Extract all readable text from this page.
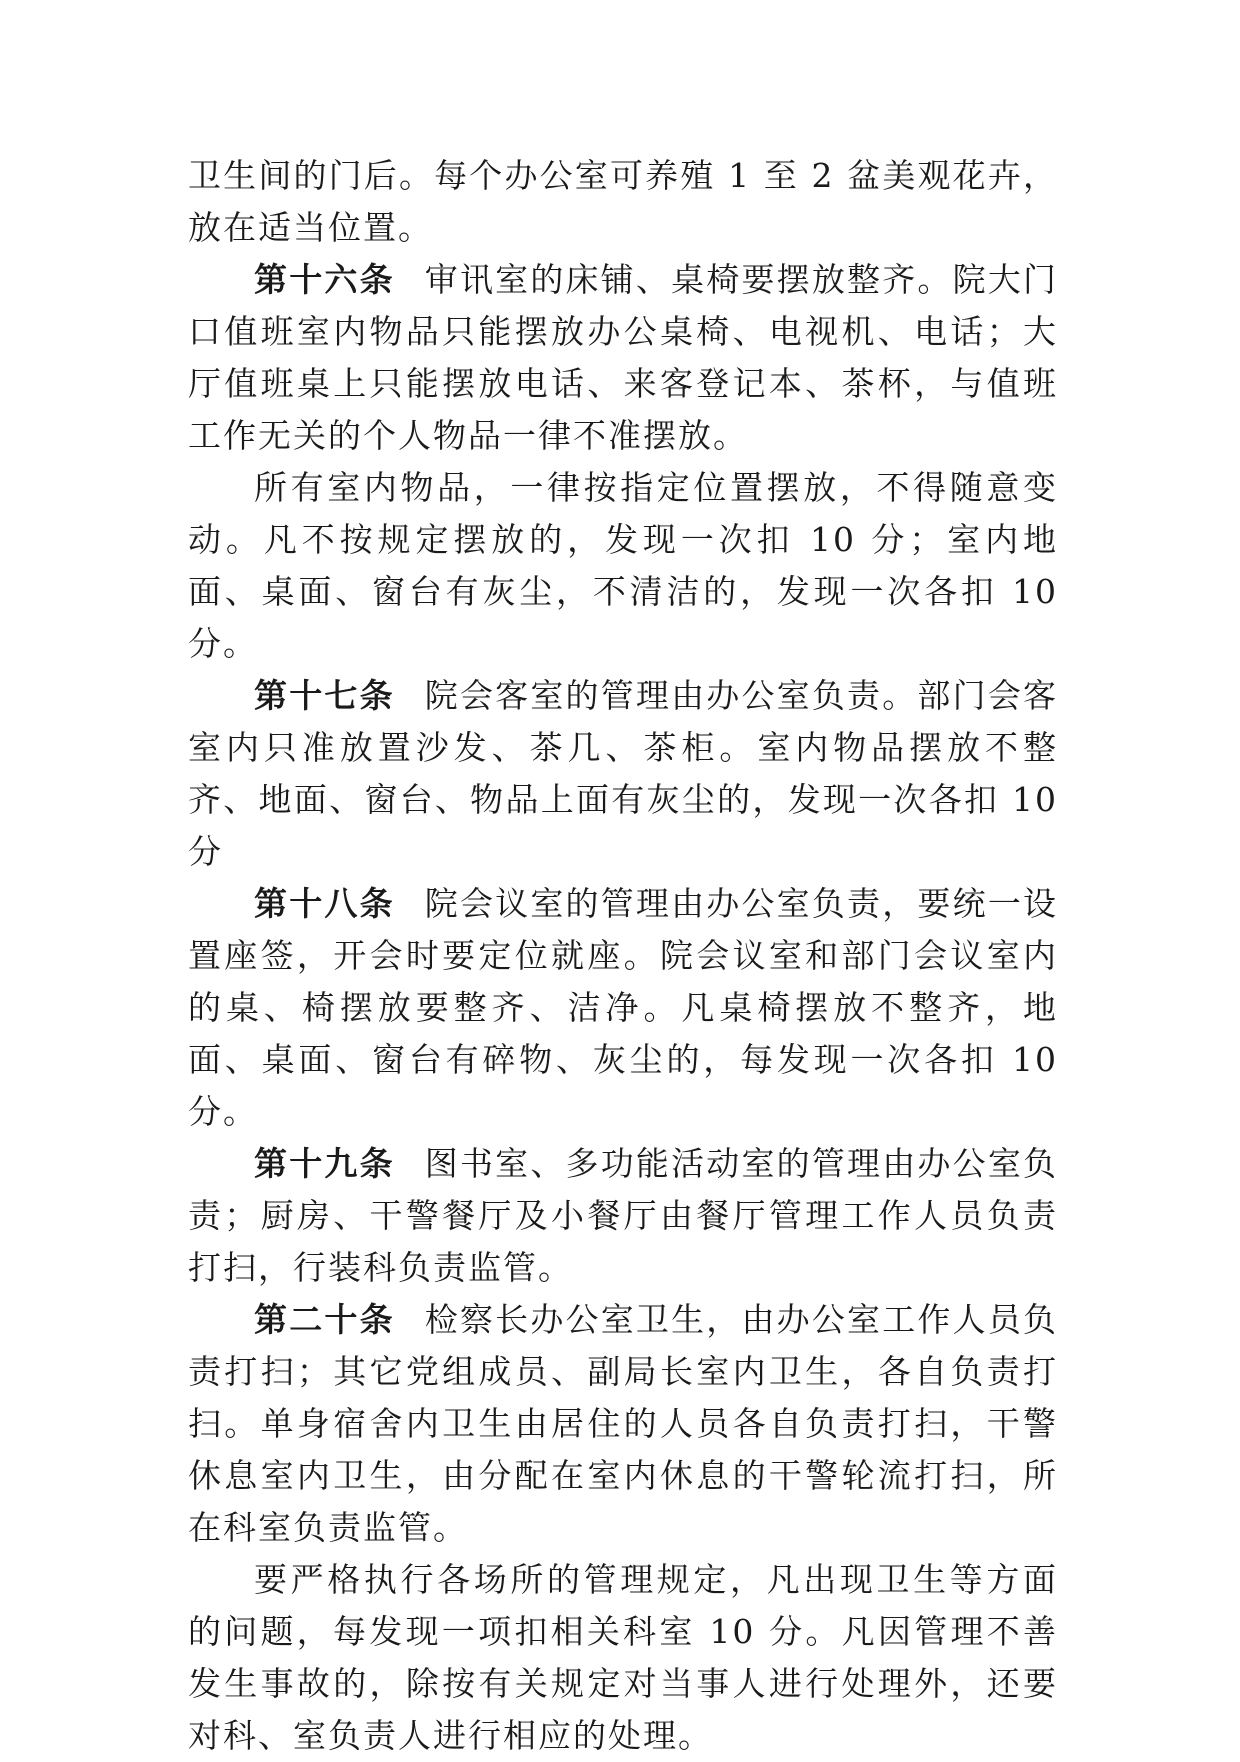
卫生间的门后。每个办公室可养殖 1 至 2 盆美观花卉，放在适当位置。

第十六条 审讯室的床铺、桌椅要摆放整齐。院大门口值班室内物品只能摆放办公桌椅、电视机、电话；大厅值班桌上只能摆放电话、来客登记本、茶杯，与值班工作无关的个人物品一律不准摆放。

所有室内物品，一律按指定位置摆放，不得随意变动。凡不按规定摆放的，发现一次扣 10 分；室内地面、桌面、窗台有灰尘，不清洁的，发现一次各扣 10 分。

第十七条 院会客室的管理由办公室负责。部门会客室内只准放置沙发、茶几、茶柜。室内物品摆放不整齐、地面、窗台、物品上面有灰尘的，发现一次各扣 10 分

第十八条 院会议室的管理由办公室负责，要统一设置座签，开会时要定位就座。院会议室和部门会议室内的桌、椅摆放要整齐、洁净。凡桌椅摆放不整齐，地面、桌面、窗台有碎物、灰尘的，每发现一次各扣 10 分。

第十九条 图书室、多功能活动室的管理由办公室负责；厨房、干警餐厅及小餐厅由餐厅管理工作人员负责打扫，行装科负责监管。

第二十条 检察长办公室卫生，由办公室工作人员负责打扫；其它党组成员、副局长室内卫生，各自负责打扫。单身宿舍内卫生由居住的人员各自负责打扫，干警休息室内卫生，由分配在室内休息的干警轮流打扫，所在科室负责监管。

要严格执行各场所的管理规定，凡出现卫生等方面的问题，每发现一项扣相关科室 10 分。凡因管理不善发生事故的，除按有关规定对当事人进行处理外，还要对科、室负责人进行相应的处理。
